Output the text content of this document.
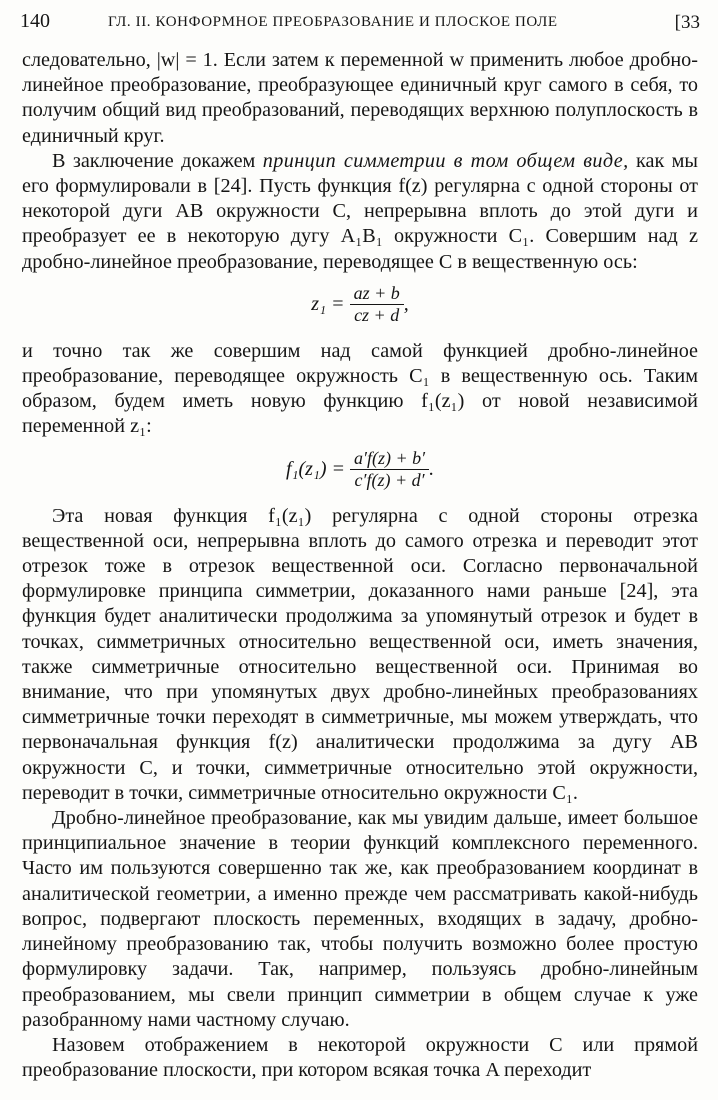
140	ГЛ. II. КОНФОРМНОЕ ПРЕОБРАЗОВАНИЕ И ПЛОСКОЕ ПОЛЕ	[33

следовательно, |w| = 1. Если затем к переменной w применить любое дробно-линейное преобразование, преобразующее единичный круг самого в себя, то получим общий вид преобразований, переводящих верхнюю полуплоскость в единичный круг.

В заключение докажем принцип симметрии в том общем виде, как мы его формулировали в [24]. Пусть функция f(z) регулярна с одной стороны от некоторой дуги AB окружности C, непрерывна вплоть до этой дуги и преобразует ее в некоторую дугу A₁B₁ окружности C₁. Совершим над z дробно-линейное преобразование, переводящее C в вещественную ось:

$z_1 = \frac{az + b}{cz + d}$ ,

и точно так же совершим над самой функцией дробно-линейное преобразование, переводящее окружность C₁ в вещественную ось. Таким образом, будем иметь новую функцию f₁(z₁) от новой независимой переменной z₁:

$f_1(z_1) = \frac{a'f(z) + b'}{c'f(z) + d'}$ .

Эта новая функция f₁(z₁) регулярна с одной стороны отрезка вещественной оси, непрерывна вплоть до самого отрезка и переводит этот отрезок тоже в отрезок вещественной оси. Согласно первоначальной формулировке принципа симметрии, доказанного нами раньше [24], эта функция будет аналитически продолжима за упомянутый отрезок и будет в точках, симметричных относительно вещественной оси, иметь значения, также симметричные относительно вещественной оси. Принимая во внимание, что при упомянутых двух дробно-линейных преобразованиях симметричные точки переходят в симметричные, мы можем утверждать, что первоначальная функция f(z) аналитически продолжима за дугу AB окружности C, и точки, симметричные относительно этой окружности, переводит в точки, симметричные относительно окружности C₁.

Дробно-линейное преобразование, как мы увидим дальше, имеет большое принципиальное значение в теории функций комплексного переменного. Часто им пользуются совершенно так же, как преобразованием координат в аналитической геометрии, а именно прежде чем рассматривать какой-нибудь вопрос, подвергают плоскость переменных, входящих в задачу, дробно-линейному преобразованию так, чтобы получить возможно более простую формулировку задачи. Так, например, пользуясь дробно-линейным преобразованием, мы свели принцип симметрии в общем случае к уже разобранному нами частному случаю.

Назовем отображением в некоторой окружности C или прямой преобразование плоскости, при котором всякая точка A переходит
